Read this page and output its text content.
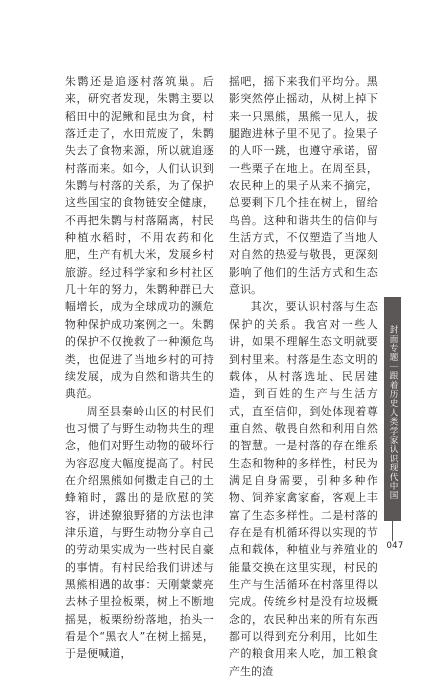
朱鹮还是追逐村落筑巢。后来，研究者发现，朱鹮主要以稻田中的泥鳅和昆虫为食，村落迁走了，水田荒废了，朱鹮失去了食物来源，所以就追逐村落而来。如今，人们认识到朱鹮与村落的关系，为了保护这些国宝的食物链安全健康，不再把朱鹮与村落隔离，村民种植水稻时，不用农药和化肥，生产有机大米，发展乡村旅游。经过科学家和乡村社区几十年的努力，朱鹮种群已大幅增长，成为全球成功的濒危物种保护成功案例之一。朱鹮的保护不仅挽救了一种濒危鸟类，也促进了当地乡村的可持续发展，成为自然和谐共生的典范。

周至县秦岭山区的村民们也习惯了与野生动物共生的理念，他们对野生动物的破坏行为容忍度大幅度提高了。村民在介绍黑熊如何擞走自己的土蜂箱时，露出的是欣慰的笑容，讲述獠狼野猪的方法也津津乐道，与野生动物分享自己的劳动果实成为一些村民自豪的事情。有村民给我们讲述与黑熊相遇的故事：天刚蒙蒙亮去林子里捡板栗，树上不断地摇晃，板栗纷纷落地，抬头一看是个“黑衣人”在树上摇晃，于是便喊道，

摇吧，摇下来我们平均分。黑影突然停止摇动，从树上掉下来一只黑熊，黑熊一见人，拔腿跑进林子里不见了。捡果子的人吓一跳，也遵守承诺，留一些栗子在地上。在周至县，农民种上的果子从来不摘完，总要剩下几个挂在树上，留给鸟兽。这种和谐共生的信仰与生活方式，不仅塑造了当地人对自然的热爱与敬畏，更深刻影响了他们的生活方式和生态意识。

其次，要认识村落与生态保护的关系。我宫对一些人讲，如果不理解生态文明就要到村里来。村落是生态文明的载体，从村落选址、民居建造，到百姓的生产与生活方式，直至信仰，到处体现着尊重自然、敬畏自然和利用自然的智慧。一是村落的存在维系生态和物种的多样性，村民为满足自身需要，引种多种作物、饲养家禽家畜，客观上丰富了生态多样性。二是村落的存在是有机循环得以实现的节点和载体，种植业与养殖业的能量交换在这里实现，村民的生产与生活循环在村落里得以完成。传统乡村是没有垃圾概念的，农民种出来的所有东西都可以得到充分利用，比如生产的粮食用来人吃，加工粮食产生的渣

封面专题｜跟着历史人类学家认识现代中国
047
